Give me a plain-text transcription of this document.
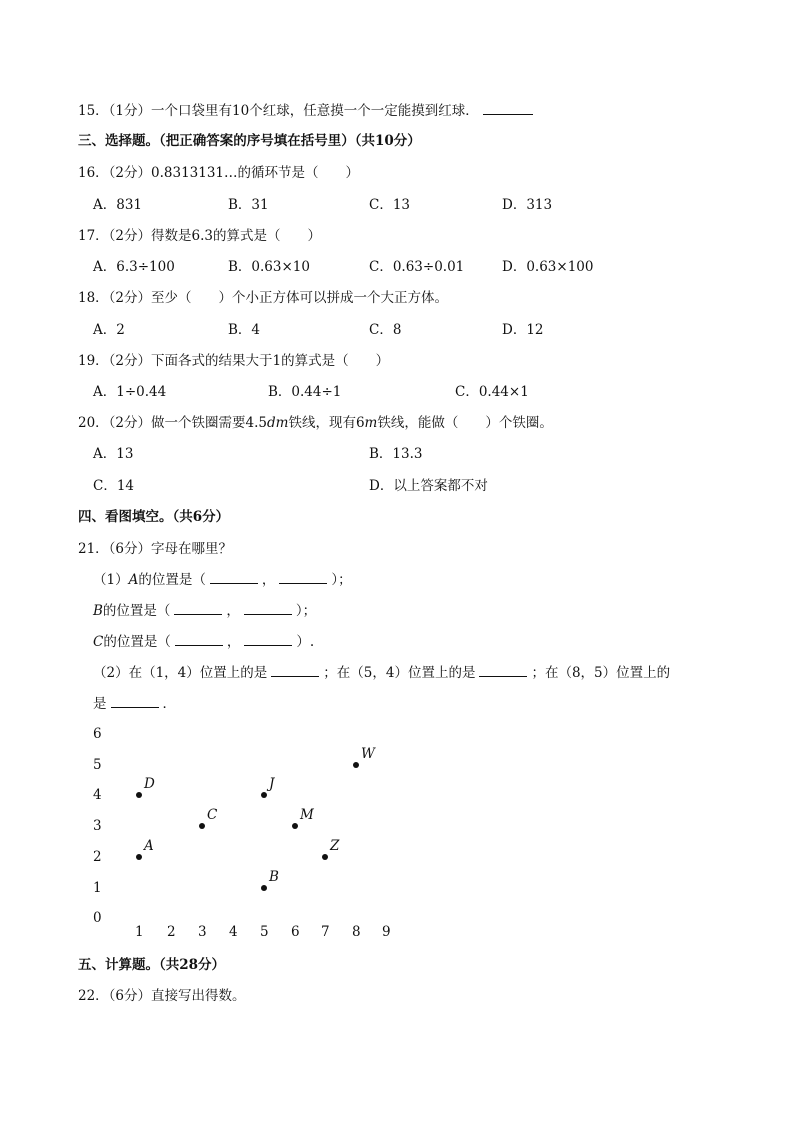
15．（1分）一个口袋里有10个红球，任意摸一个一定能摸到红球．
三、选择题。（把正确答案的序号填在括号里）（共10分）
16．（2分）0.8313131…的循环节是（　　）
A．831	B．31	C．13	D．313
17．（2分）得数是6.3的算式是（　　）
A．6.3÷100	B．0.63×10	C．0.63÷0.01	D．0.63×100
18．（2分）至少（　　）个小正方体可以拼成一个大正方体。
A．2	B．4	C．8	D．12
19．（2分）下面各式的结果大于1的算式是（　　）
A．1÷0.44	B．0.44÷1	C．0.44×1
20．（2分）做一个铁圈需要4.5dm铁线，现有6m铁线，能做（　　）个铁圈。
A．13	B．13.3
C．14	D．以上答案都不对
四、看图填空。（共6分）
21．（6分）字母在哪里？
（1）A的位置是（	，	）；
B的位置是（	，	）；
C的位置是（	，	）.
（2）在（1，4）位置上的是	；在（5，4）位置上的是	；在（8，5）位置上的
是	．
6
5
4
3
2
1
0
1 2 3 4 5 6 7 8 9
W
D	J
C	M
A	Z
B
五、计算题。（共28分）
22．（6分）直接写出得数。
